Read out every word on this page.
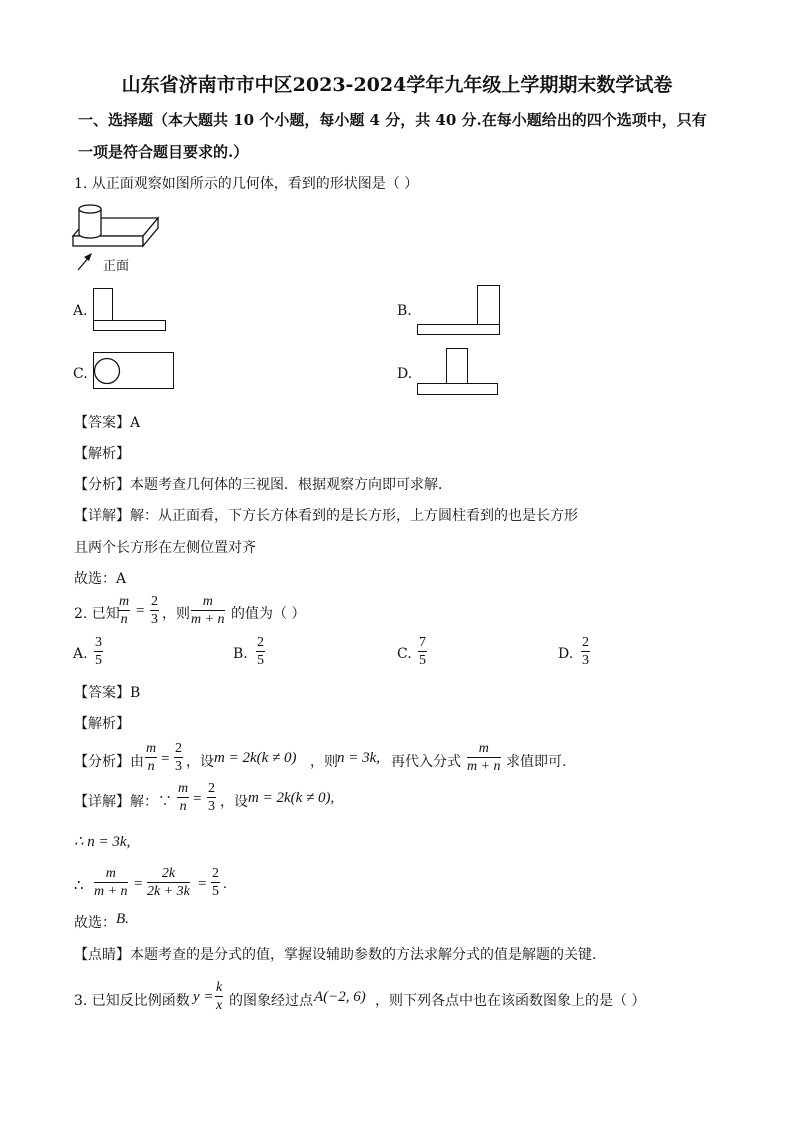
山东省济南市市中区2023-2024学年九年级上学期期末数学试卷
一、选择题（本大题共 10 个小题，每小题 4 分，共 40 分.在每小题给出的四个选项中，只有
一项是符合题目要求的.）
1. 从正面观察如图所示的几何体，看到的形状图是（ ）
正面
A.	B.
C.	D.
【答案】A
【解析】
【分析】本题考查几何体的三视图．根据观察方向即可求解．
【详解】解：从正面看，下方长方体看到的是长方形，上方圆柱看到的也是长方形
且两个长方形在左侧位置对齐
故选：A
2. 已知
$\frac{m}{n} = \frac{2}{3}$ ，则 $\frac{m}{m + n}$ 的值为（ ）
A. $\frac{3}{5}$	B. $\frac{2}{5}$	C. $\frac{7}{5}$	D. $\frac{2}{3}$
【答案】B
【解析】
【分析】由 $\frac{m}{n} = \frac{2}{3}$ ，设 m = 2k(k ≠ 0) ，则 n = 3k, 再代入分式 $\frac{m}{m + n}$ 求值即可.
【详解】解：∵ $\frac{m}{n} = \frac{2}{3}$ ，设 m = 2k(k ≠ 0),
∴ n = 3k,
∴ $\frac{m}{m + n} = \frac{2k}{2k + 3k} = \frac{2}{5}$ .
故选： B.
【点睛】本题考查的是分式的值，掌握设辅助参数的方法求解分式的值是解题的关键.
3. 已知反比例函数 $y = \frac{k}{x}$ 的图象经过点 A(−2, 6) ，则下列各点中也在该函数图象上的是（ ）
